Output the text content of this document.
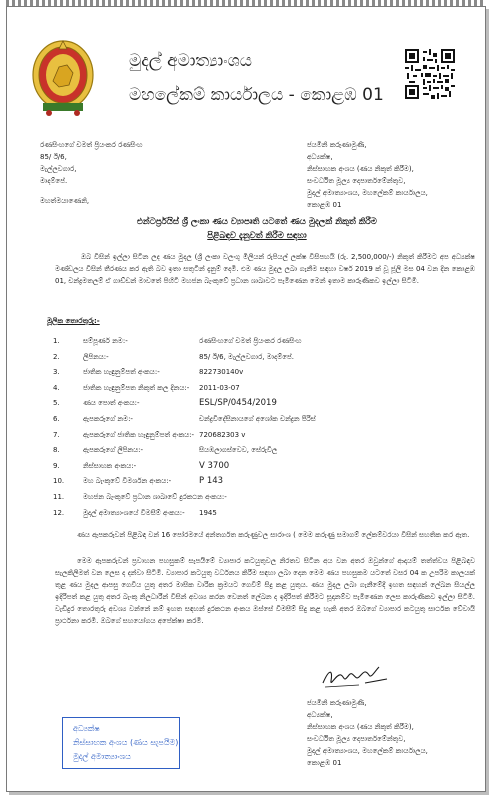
මුදල් අමාත්‍යාංශය
මහලේකම් කාර්යාලය - කොළඹ 01
රණසිංහගේ චමත් ප්‍රියංකර රණසිංහ
85/ ඊ/6,
මැල්ලවගාර,
මාදම්පේ.
ජයමිනි කරුණාමුණි,
අධ්‍යක්ෂ,
නිස්සාහක අංශය (ණය නිකුත් කිරීම),
සංවර්ධිත මූල්‍ය දෙපාර්තමේන්තුව,
මුදල් අමාත්‍යාංශය, මහලේකම් කාර්යාලය,
කොළඹ 01
මහත්මයාණෙනි,
එන්ටර්ප්‍රයිස් ශ්‍රී ලංකා ණය ව්‍යාපෘති යටතේ ණය මුදලක් නිකුත් කිරීම
පිළිබඳව දැනුවත් කිරීම සඳහා
ඔබ විසින් ඉල්ලා සිටින ලද ණය මුදල (ශ්‍රී ලංකා වලංගු මිලියන් රුපියල් ලක්ෂ විසිපහයි (රු. 2,500,000/-) නිකුත් කිරීමට අප අධ්‍යක්ෂ මණ්ඩලය විසින් තීරණය කර ඇති බව ඉතා සතුටින් දැනුම් දෙමි. එම ණය මුදල ලබා ගැනීම සඳහා වර්ෂ 2019 ක් වූ ජූලි මස 04 වන දින කොළඹ 01, චන්ද්‍රමතලම් ඒ ගාඩ්ඩන් මාවතේ පිහිටි මහජන බැංකුවේ ප්‍රධාන ශාඛාවට පැමිණෙන මෙන් ඉතාම කාරුණිකව ඉල්ලා සිටිමි.
මූලික තොරතුරු:-
1.	සම්පූර්ණ නම:-	රණසිංහගේ චමත් ප්‍රියංකර රණසිංහ
2.	ලිපිනය:-	85/ ඊ/6, මැල්ලවගාර, මාදම්පේ.
3.	ජාතික හැඳුනුම්පත් අංකය:-	822730140v
4.	ජාතික හැඳුනුම්පත නිකුත් කල දිනය:- 2011-03-07
5.	ණය පොත් අංකය:-	ESL/SP/0454/2019
6.	ඇපකරුගේ නම:-	චන්ද්‍රවිදේසිනායගේ අශෝක චන්ද්‍රන පීරිස්
7.	ඇපකරුගේ ජාතික හැඳුනුම්පත් අංකය:- 720682303 v
8.	ඇපකරුගේ ලිපිනය:-	සියඹලාගස්වෙව, සේරුවිල
9.	නිස්සාහක අංකය:-	V 3700
10.	මහ බැංකුවේ විමර්ශන අංකය:-	P 143
11.	මහජන බැංකුවේ ප්‍රධාන ශාඛාවේ දුරකථන අංකය:-
12.	මුදල් අමාත්‍යාංශයේ විමසීම් අංකය:- 1945
ණය ඇපකරුවන් පිළිබඳ වන් 16 පෝරමයේ අන්තර්ගත කරුණුවල සාරාංශ ( මෙම කරුණු සමාගම් ලේකම්වරයා විසින් සහතික කර ඇත.
මෙම ඇපකරුවන් ප්‍රවාහන පහසුකම් සැපයීමේ ව්‍යාපාර කටයුතුවල නිරතව සිටින අය වන අතර ඔවුන්ගේ ආදායම් තත්ත්වය පිළිබඳව සැලකිලිමත් වන ලෙස ද දන්වා සිටිමි. ව්‍යාපාර කටයුතු වර්ධනය කිරීම සඳහා ලබා දෙන මෙම ණය පහසුකම යටතේ වසර 04 ක උපරිම කාලයක් තුළ ණය මුදල ආපසු ගෙවිය යුතු අතර මාසික වාරික ක්‍රමයට ගෙවීම් සිදු කළ යුතුය. ණය මුදල ලබා ගැනීමේදී ඉහත සඳහන් ලේඛන සියල්ල ඉදිරිපත් කළ යුතු අතර බැංකු නිලධාරීන් විසින් අවශ්‍ය කරන වෙනත් ලේඛන ද ඉදිරිපත් කිරීමට සූදානම්ව පැමිණෙන ලෙස කාරුණිකව ඉල්ලා සිටිමි. වැඩිදුර තොරතුරු අවශ්‍ය වන්නේ නම් ඉහත සඳහන් දුරකථන අංකය ඔස්සේ විමසීම් සිදු කළ හැකි අතර ඔබගේ ව්‍යාපාර කටයුතු සාර්ථක වේවායි ප්‍රාර්ථනා කරමි. ඔබගේ සහයෝගය අපේක්ෂා කරමි.
ජයමිනි කරුණාමුණි,
අධ්‍යක්ෂ,
නිස්සාහක අංශය (ණය නිකුත් කිරීම),
සංවර්ධිත මූල්‍ය දෙපාර්තමේන්තුව,
මුදල් අමාත්‍යාංශය, මහලේකම් කාර්යාලය,
කොළඹ 01
අධ්‍යක්ෂ
නිස්සාහක අංශය (ණය සැපයීම)
මුදල් අමාත්‍යාංශය
